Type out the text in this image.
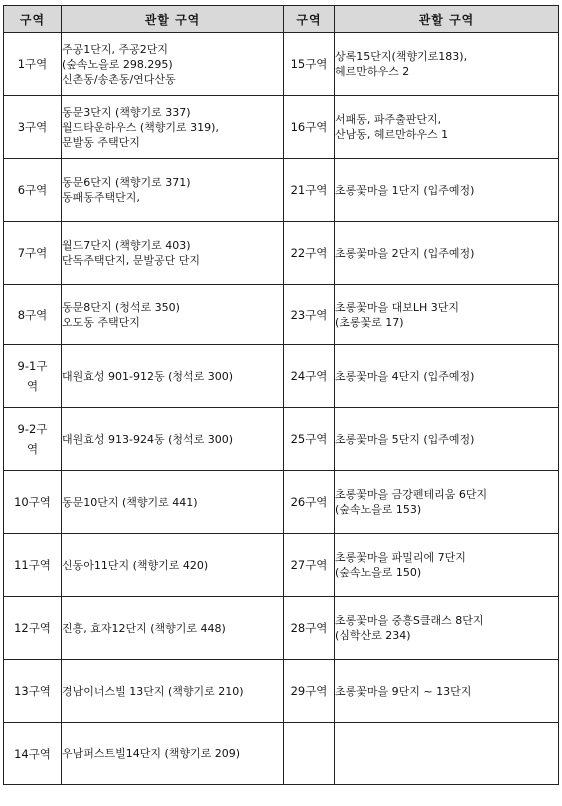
구역	관할 구역	구역	관할 구역

1구역	주공1단지, 주공2단지
(숲속노을로 298.295)
신촌동/송촌동/연다산동	15구역	상록15단지(책향기로183),
헤르만하우스 2

3구역	동문3단지 (책향기로 337)
월드타운하우스 (책향기로 319),
문발동 주택단지	16구역	서패동, 파주출판단지,
산남동, 헤르만하우스 1

6구역	동문6단지 (책향기로 371)
동패동주택단지,	21구역	초롱꽃마을 1단지 (입주예정)

7구역	월드7단지 (책향기로 403)
단독주택단지, 문발공단 단지	22구역	초롱꽃마을 2단지 (입주예정)

8구역	동문8단지 (청석로 350)
오도동 주택단지	23구역	초롱꽃마을 대보LH 3단지
(초롱꽃로 17)

9-1구
역	대원효성 901-912동 (청석로 300)	24구역	초롱꽃마을 4단지 (입주예정)

9-2구
역	대원효성 913-924동 (청석로 300)	25구역	초롱꽃마을 5단지 (입주예정)

10구역	동문10단지 (책향기로 441)	26구역	초롱꽃마을 금강펜테리움 6단지
(숲속노을로 153)

11구역	신동아11단지 (책향기로 420)	27구역	초롱꽃마을 파밀리에 7단지
(숲속노을로 150)

12구역	진흥, 효자12단지 (책향기로 448)	28구역	초롱꽃마을 중흥S클래스 8단지
(심학산로 234)

13구역	경남이너스빌 13단지 (책향기로 210)	29구역	초롱꽃마을 9단지 ~ 13단지

14구역	우남퍼스트빌14단지 (책향기로 209)		
